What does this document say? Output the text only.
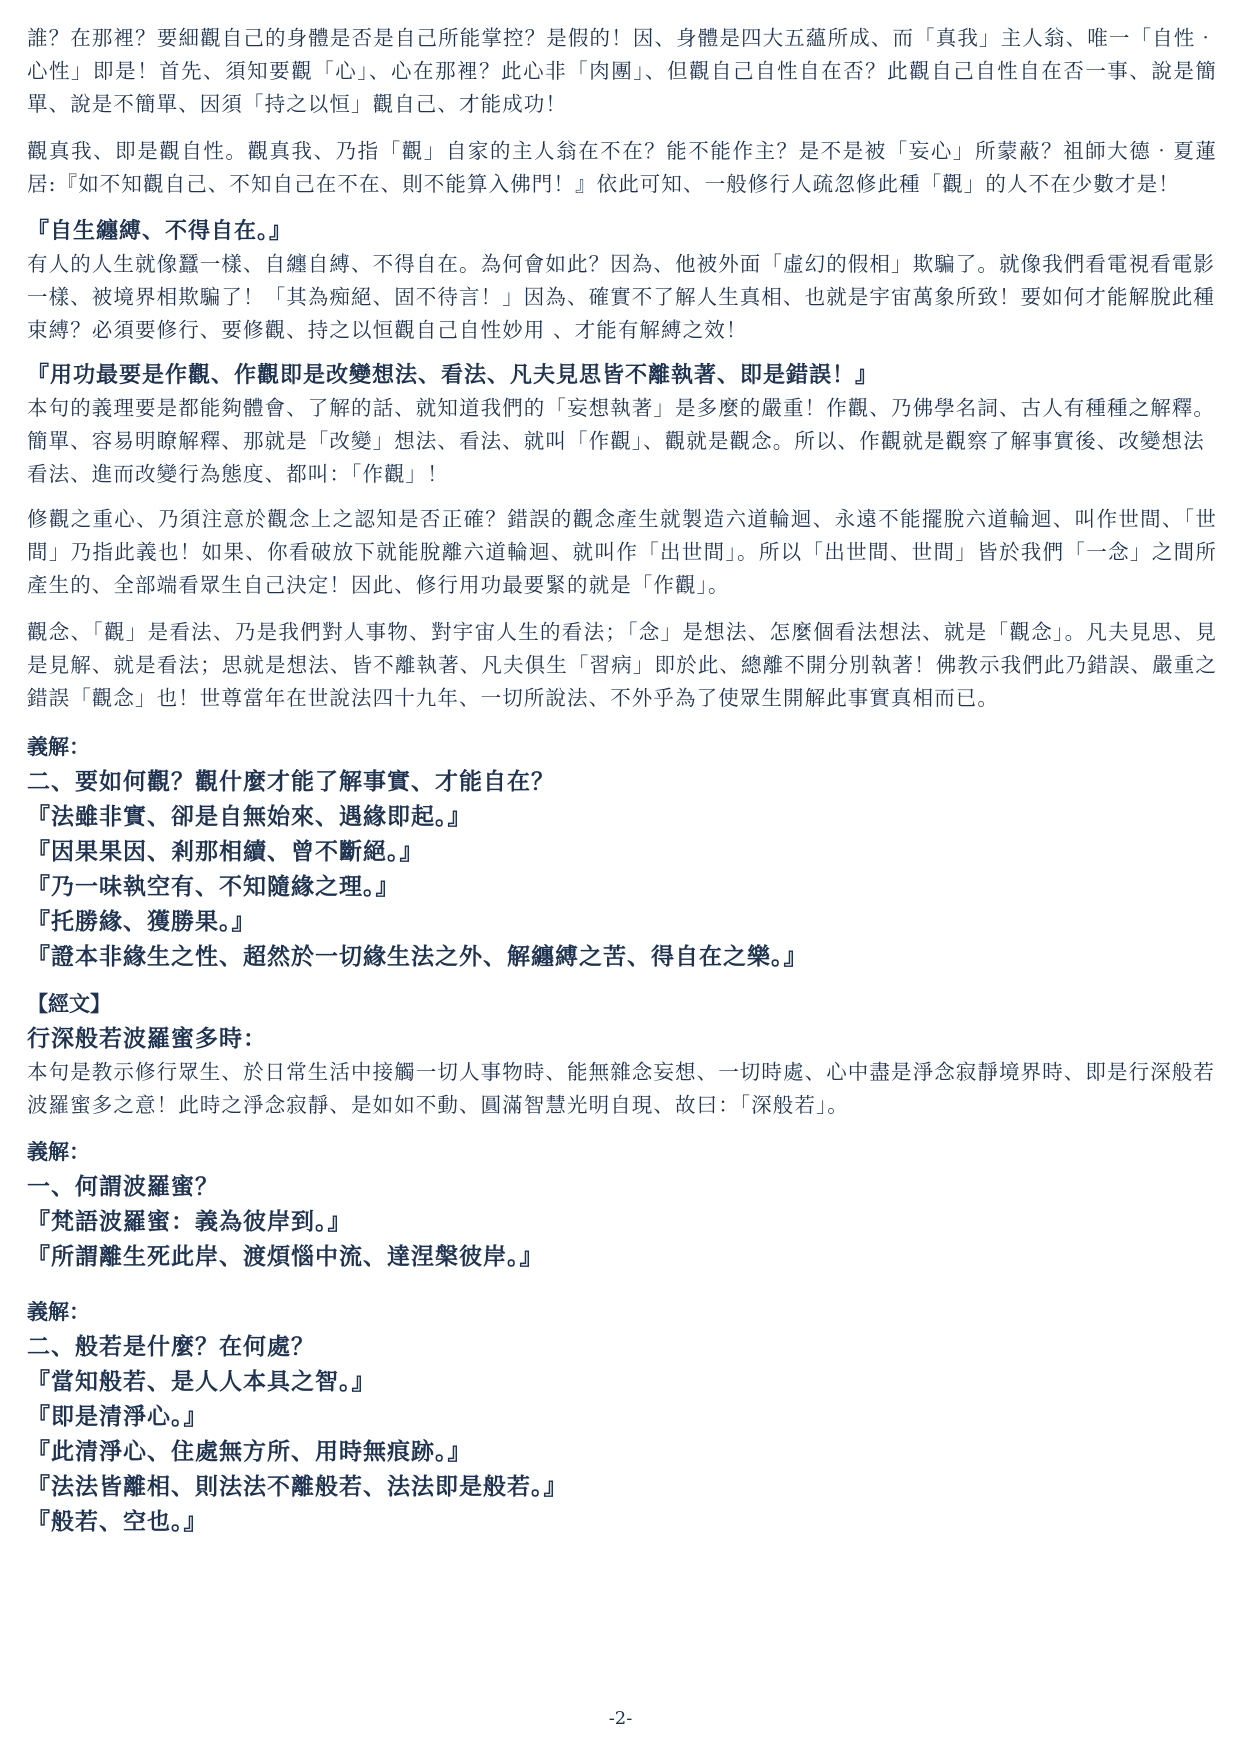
誰？在那裡？要細觀自己的身體是否是自己所能掌控？是假的！因、身體是四大五蘊所成、而「真我」主人翁、唯一「自性‧心性」即是！首先、須知要觀「心」、心在那裡？此心非「肉團」、但觀自己自性自在否？此觀自己自性自在否一事、說是簡單、說是不簡單、因須「持之以恒」觀自己、才能成功！

觀真我、即是觀自性。觀真我、乃指「觀」自家的主人翁在不在？能不能作主？是不是被「妄心」所蒙蔽？祖師大德‧夏蓮居:『如不知觀自己、不知自己在不在、則不能算入佛門！』依此可知、一般修行人疏忽修此種「觀」的人不在少數才是！

『自生纏縛、不得自在。』
有人的人生就像蠶一樣、自纏自縛、不得自在。為何會如此？因為、他被外面「虛幻的假相」欺騙了。就像我們看電視看電影一樣、被境界相欺騙了！「其為痴絕、固不待言！」因為、確實不了解人生真相、也就是宇宙萬象所致！要如何才能解脫此種束縛？必須要修行、要修觀、持之以恒觀自己自性妙用 、才能有解縛之效！
『用功最要是作觀、作觀即是改變想法、看法、凡夫見思皆不離執著、即是錯誤！』
本句的義理要是都能夠體會、了解的話、就知道我們的「妄想執著」是多麼的嚴重！作觀、乃佛學名詞、古人有種種之解釋。簡單、容易明瞭解釋、那就是「改變」想法、看法、就叫「作觀」、觀就是觀念。所以、作觀就是觀察了解事實後、改變想法看法、進而改變行為態度、都叫：「作觀」！

修觀之重心、乃須注意於觀念上之認知是否正確？錯誤的觀念產生就製造六道輪迴、永遠不能擺脫六道輪迴、叫作世間、「世間」乃指此義也！如果、你看破放下就能脫離六道輪迴、就叫作「出世間」。所以「出世間、世間」皆於我們「一念」之間所產生的、全部端看眾生自己決定！因此、修行用功最要緊的就是「作觀」。

觀念、「觀」是看法、乃是我們對人事物、對宇宙人生的看法；「念」是想法、怎麼個看法想法、就是「觀念」。凡夫見思、見是見解、就是看法；思就是想法、皆不離執著、凡夫俱生「習病」即於此、總離不開分別執著！佛教示我們此乃錯誤、嚴重之錯誤「觀念」也！世尊當年在世說法四十九年、一切所說法、不外乎為了使眾生開解此事實真相而已。

義解：
二、要如何觀？觀什麼才能了解事實、才能自在？
『法雖非實、卻是自無始來、遇緣即起。』
『因果果因、剎那相續、曾不斷絕。』
『乃一味執空有、不知隨緣之理。』
『托勝緣、獲勝果。』
『證本非緣生之性、超然於一切緣生法之外、解纏縛之苦、得自在之樂。』
【經文】
行深般若波羅蜜多時：
本句是教示修行眾生、於日常生活中接觸一切人事物時、能無雜念妄想、一切時處、心中盡是淨念寂靜境界時、即是行深般若波羅蜜多之意！此時之淨念寂靜、是如如不動、圓滿智慧光明自現、故曰：「深般若」。
義解：
一、何謂波羅蜜？
『梵語波羅蜜：義為彼岸到。』
『所謂離生死此岸、渡煩惱中流、達涅槃彼岸。』
義解：
二、般若是什麼？在何處？
『當知般若、是人人本具之智。』
『即是清淨心。』
『此清淨心、住處無方所、用時無痕跡。』
『法法皆離相、則法法不離般若、法法即是般若。』
『般若、空也。』
-2-
